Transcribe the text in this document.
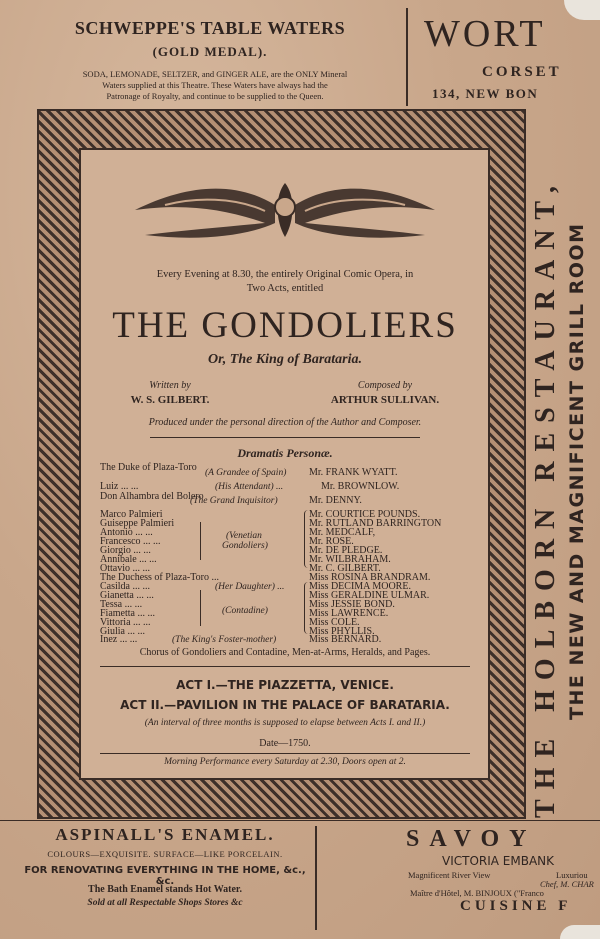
SCHWEPPE'S TABLE WATERS
(GOLD MEDAL).
SODA, LEMONADE, SELTZER, and GINGER ALE, are the ONLY Mineral
Waters supplied at this Theatre. These Waters have always had the
Patronage of Royalty, and continue to be supplied to the Queen.
WORT
CORSET
134, NEW BON
Every Evening at 8.30, the entirely Original Comic Opera, in
Two Acts, entitled
THE GONDOLIERS
Or, The King of Barataria.
Written by
W. S. GILBERT.
Composed by
ARTHUR SULLIVAN.
Produced under the personal direction of the Author and Composer.
Dramatis Personæ.
The Duke of Plaza-Toro (A Grandee of Spain) Mr. FRANK WYATT.
Luiz ... ...	(His Attendant) ...	Mr. BROWNLOW.
Don Alhambra del Bolero
(The Grand Inquisitor)	Mr. DENNY.
Marco Palmieri	Mr. COURTICE POUNDS.
Guiseppe Palmieri	Mr. RUTLAND BARRINGTON
Antonio ... ...	Mr. MEDCALF,
Francesco ... ...	(Venetian	Mr. ROSE.
Giorgio ... ...	Gondoliers)	Mr. DE PLEDGE.
Annibale ... ...	Mr. WILBRAHAM.
Ottavio ... ...	Mr. C. GILBERT.
The Duchess of Plaza-Toro ...	Miss ROSINA BRANDRAM.
Casilda ... ...	(Her Daughter) ... Miss DECIMA MOORE.
Gianetta ... ...	Miss GERALDINE ULMAR.
Tessa ... ...	Miss JESSIE BOND.
Fiametta ... ...	(Contadine)	Miss LAWRENCE.
Vittoria ... ...	Miss COLE.
Giulia ... ...	Miss PHYLLIS.
Inez ... ...	(The King's Foster-mother)	Miss BERNARD.
Chorus of Gondoliers and Contadine, Men-at-Arms, Heralds, and Pages.
ACT I.—THE PIAZZETTA, VENICE.
ACT II.—PAVILION IN THE PALACE OF BARATARIA.
(An interval of three months is supposed to elapse between Acts I. and II.)
Date—1750.
Morning Performance every Saturday at 2.30, Doors open at 2.	THE HOLBORN RESTAURANT, THE NEW AND MAGNIFICENT GRILL ROOM
ASPINALL'S ENAMEL.
COLOURS—EXQUISITE. SURFACE—LIKE PORCELAIN.
FOR RENOVATING EVERYTHING IN THE HOME, &c., &c.
The Bath Enamel stands Hot Water.
Sold at all Respectable Shops Stores &c
SAVOY
VICTORIA EMBANK
Magnificent River View	Luxuriou
Chef, M. CHAR
Maître d'Hôtel, M. BINJOUX ("Franco
CUISINE F
